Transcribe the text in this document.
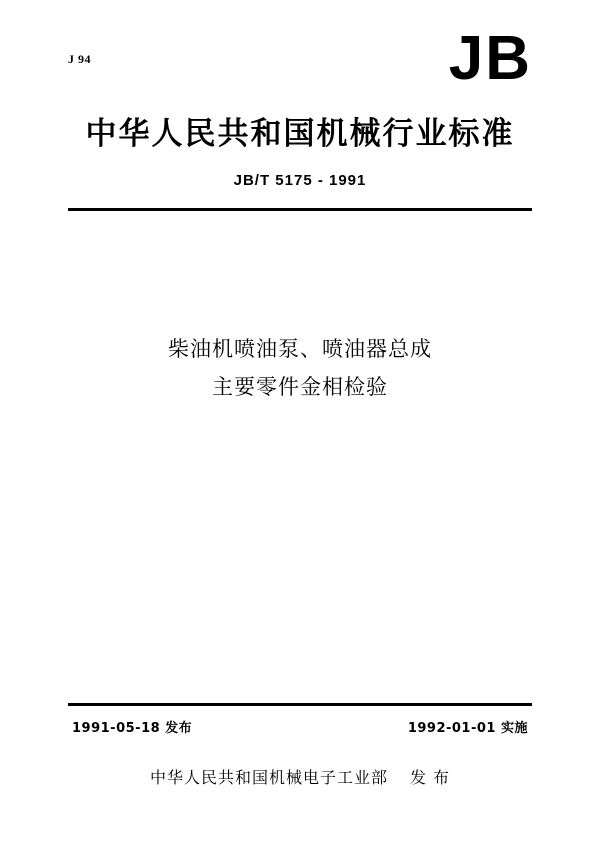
J 94	JB
中华人民共和国机械行业标准
JB/T 5175 - 1991
柴油机喷油泵、喷油器总成
主要零件金相检验
1991-05-18 发布	1992-01-01 实施
中华人民共和国机械电子工业部 发 布
